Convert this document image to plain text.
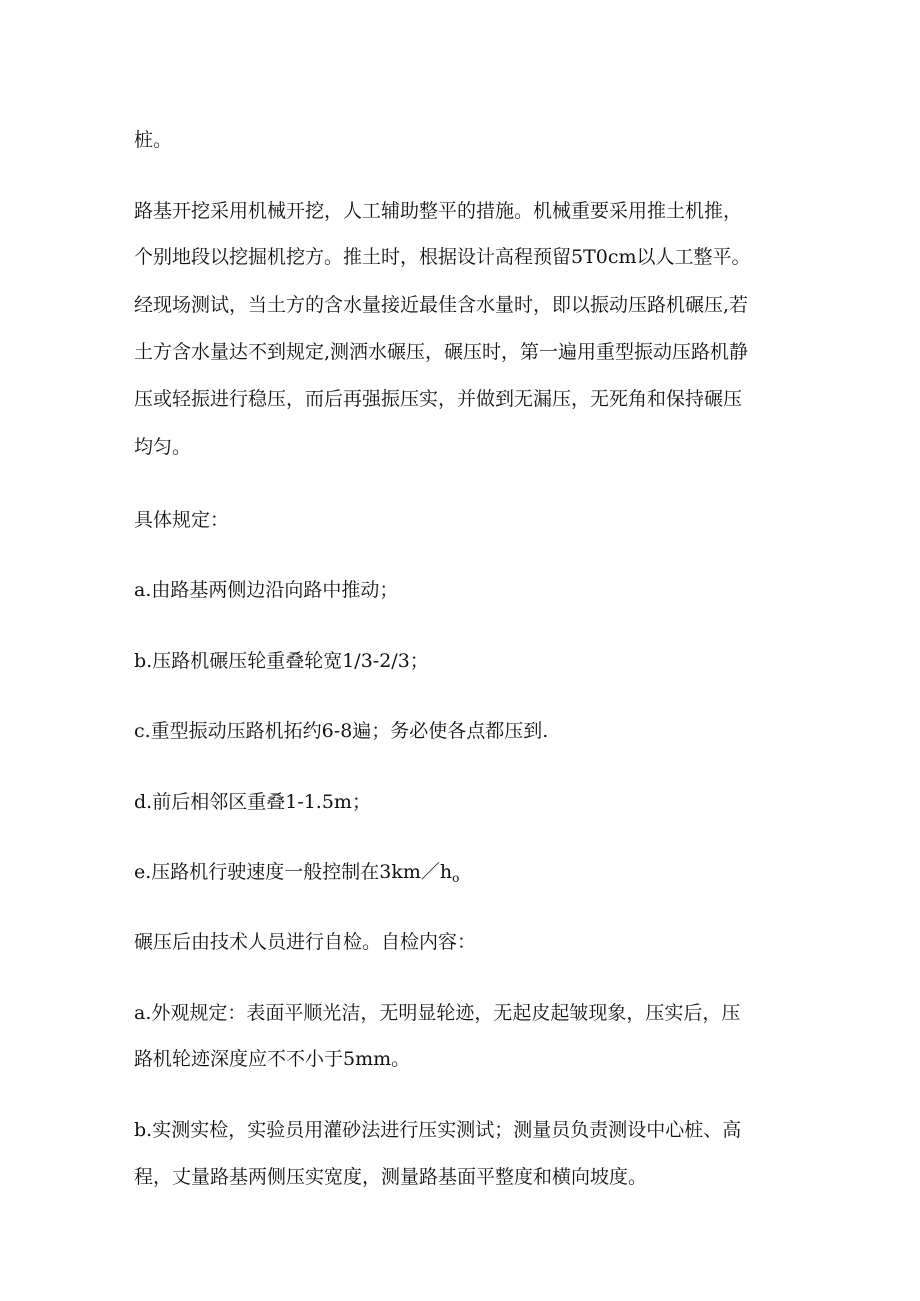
桩。
路基开挖采用机械开挖，人工辅助整平的措施。机械重要采用推土机推，
个别地段以挖掘机挖方。推土时，根据设计高程预留5T0cm以人工整平。
经现场测试，当土方的含水量接近最佳含水量时，即以振动压路机碾压,若
土方含水量达不到规定,测洒水碾压，碾压时，第一遍用重型振动压路机静
压或轻振进行稳压，而后再强振压实，并做到无漏压，无死角和保持碾压
均匀。
具体规定：
a.由路基两侧边沿向路中推动；
b.压路机碾压轮重叠轮宽1/3-2/3；
c.重型振动压路机拓约6-8遍；务必使各点都压到.
d.前后相邻区重叠1-1.5m；
e.压路机行驶速度一般控制在$3km/h_o$
碾压后由技术人员进行自检。自检内容：
a.外观规定：表面平顺光洁，无明显轮迹，无起皮起皱现象，压实后，压
路机轮迹深度应不不小于5mm。
b.实测实检，实验员用灌砂法进行压实测试；测量员负责测设中心桩、高
程，丈量路基两侧压实宽度，测量路基面平整度和横向坡度。
